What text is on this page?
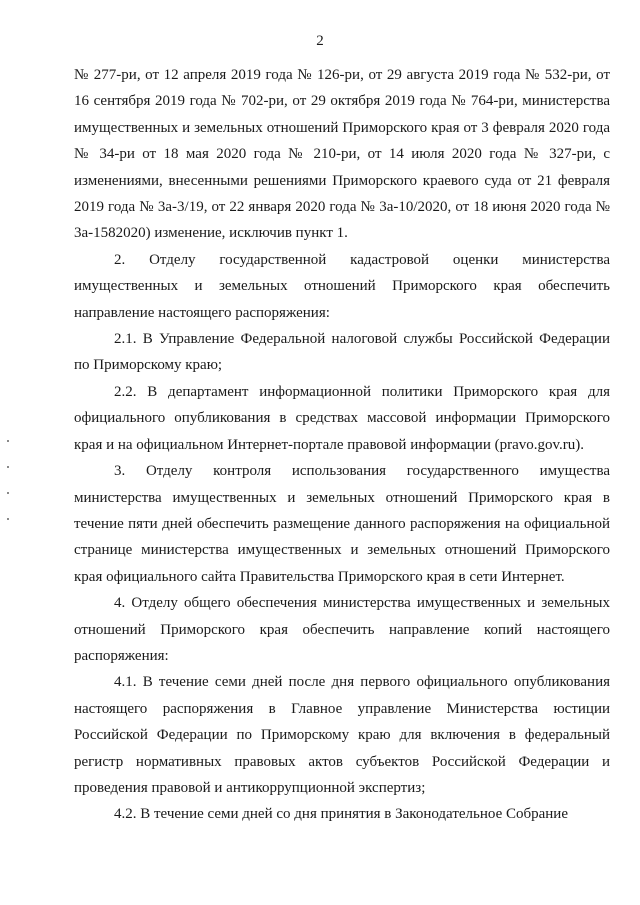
2

№ 277-ри, от 12 апреля 2019 года № 126-ри, от 29 августа 2019 года № 532-ри, от 16 сентября 2019 года № 702-ри, от 29 октября 2019 года № 764-ри, министерства имущественных и земельных отношений Приморского края от 3 февраля 2020 года № 34-ри от 18 мая 2020 года № 210-ри, от 14 июля 2020 года № 327-ри, с изменениями, внесенными решениями Приморского краевого суда от 21 февраля 2019 года № 3а-3/19, от 22 января 2020 года № 3а-10/2020, от 18 июня 2020 года № 3а-1582020) изменение, исключив пункт 1.

2. Отделу государственной кадастровой оценки министерства имущественных и земельных отношений Приморского края обеспечить направление настоящего распоряжения:

2.1. В Управление Федеральной налоговой службы Российской Федерации по Приморскому краю;

2.2. В департамент информационной политики Приморского края для официального опубликования в средствах массовой информации Приморского края и на официальном Интернет-портале правовой информации (pravo.gov.ru).

3. Отделу контроля использования государственного имущества министерства имущественных и земельных отношений Приморского края в течение пяти дней обеспечить размещение данного распоряжения на официальной странице министерства имущественных и земельных отношений Приморского края официального сайта Правительства Приморского края в сети Интернет.

4. Отделу общего обеспечения министерства имущественных и земельных отношений Приморского края обеспечить направление копий настоящего распоряжения:

4.1. В течение семи дней после дня первого официального опубликования настоящего распоряжения в Главное управление Министерства юстиции Российской Федерации по Приморскому краю для включения в федеральный регистр нормативных правовых актов субъектов Российской Федерации и проведения правовой и антикоррупционной экспертиз;

4.2. В течение семи дней со дня принятия в Законодательное Собрание
